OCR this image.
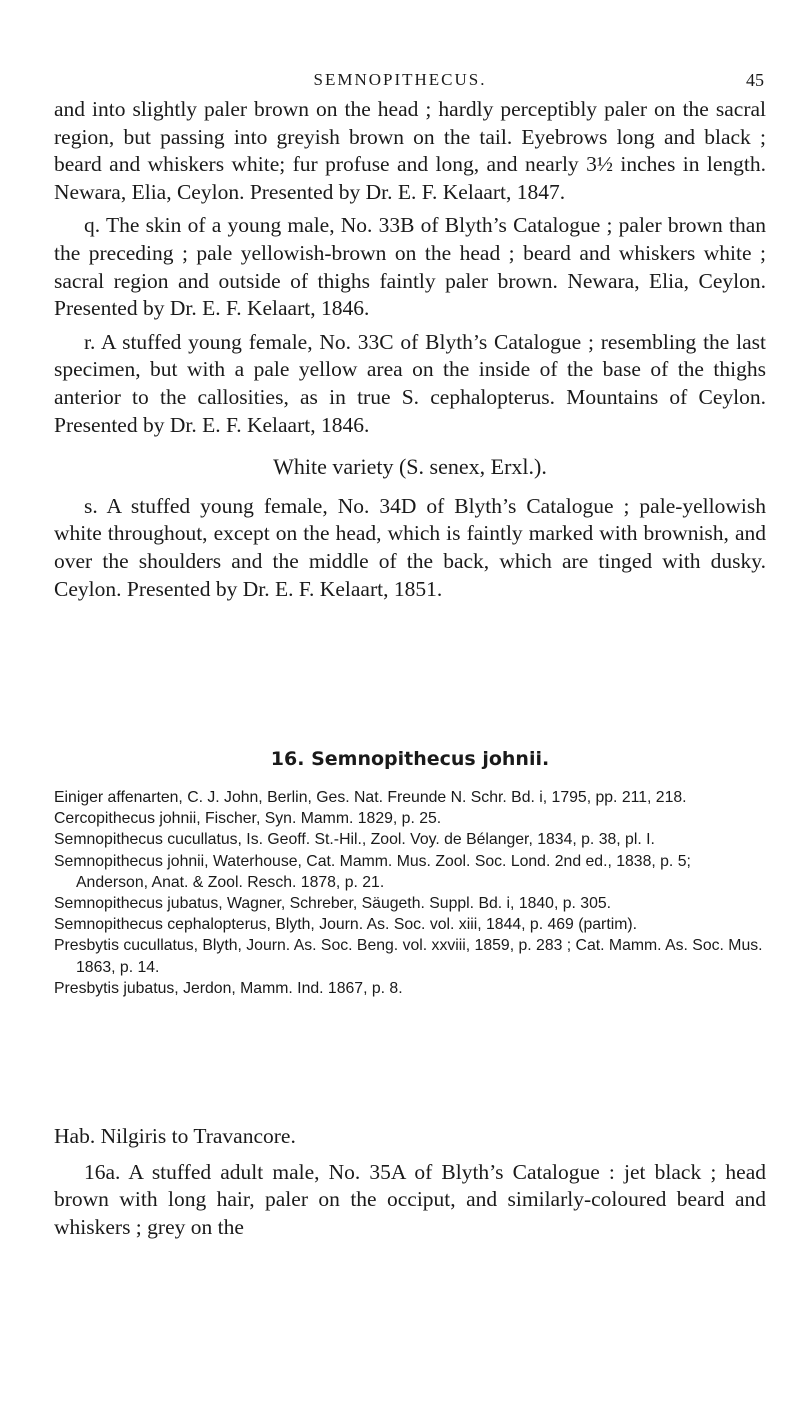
SEMNOPITHECUS.	45

and into slightly paler brown on the head ; hardly perceptibly paler on the sacral region, but passing into greyish brown on the tail. Eyebrows long and black ; beard and whiskers white; fur profuse and long, and nearly 3½ inches in length. Newara, Elia, Ceylon. Presented by Dr. E. F. Kelaart, 1847.

q. The skin of a young male, No. 33B of Blyth’s Catalogue ; paler brown than the preceding ; pale yellowish-brown on the head ; beard and whiskers white ; sacral region and outside of thighs faintly paler brown. Newara, Elia, Ceylon. Presented by Dr. E. F. Kelaart, 1846.

r. A stuffed young female, No. 33C of Blyth’s Catalogue ; resembling the last specimen, but with a pale yellow area on the inside of the base of the thighs anterior to the callosities, as in true S. cephalopterus. Mountains of Ceylon. Presented by Dr. E. F. Kelaart, 1846.

White variety (S. senex, Erxl.).

s. A stuffed young female, No. 34D of Blyth’s Catalogue ; pale-yellowish white throughout, except on the head, which is faintly marked with brownish, and over the shoulders and the middle of the back, which are tinged with dusky. Ceylon. Presented by Dr. E. F. Kelaart, 1851.

16. Semnopithecus johnii.

Einiger affenarten, C. J. John, Berlin, Ges. Nat. Freunde N. Schr. Bd. i, 1795, pp. 211, 218.

Cercopithecus johnii, Fischer, Syn. Mamm. 1829, p. 25.

Semnopithecus cucullatus, Is. Geoff. St.-Hil., Zool. Voy. de Bélanger, 1834, p. 38, pl. I.

Semnopithecus johnii, Waterhouse, Cat. Mamm. Mus. Zool. Soc. Lond. 2nd ed., 1838, p. 5; Anderson, Anat. & Zool. Resch. 1878, p. 21.

Semnopithecus jubatus, Wagner, Schreber, Säugeth. Suppl. Bd. i, 1840, p. 305.

Semnopithecus cephalopterus, Blyth, Journ. As. Soc. vol. xiii, 1844, p. 469 (partim).

Presbytis cucullatus, Blyth, Journ. As. Soc. Beng. vol. xxviii, 1859, p. 283 ; Cat. Mamm. As. Soc. Mus. 1863, p. 14.

Presbytis jubatus, Jerdon, Mamm. Ind. 1867, p. 8.

Hab. Nilgiris to Travancore.

16a. A stuffed adult male, No. 35A of Blyth’s Catalogue : jet black ; head brown with long hair, paler on the occiput, and similarly-coloured beard and whiskers ; grey on the
